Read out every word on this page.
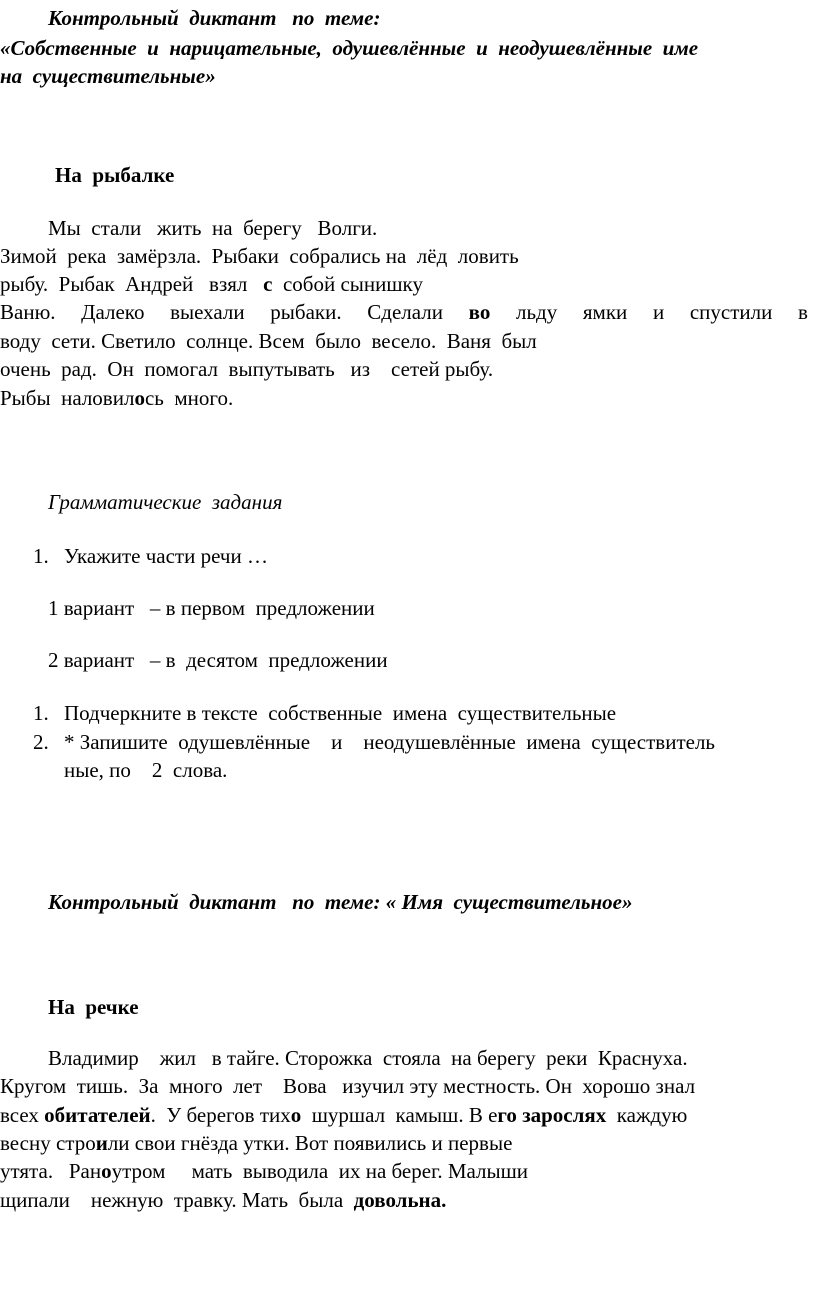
Контрольный  диктант   по  теме:
«Собственные  и  нарицательные,  одушевлённые  и  неодушевлённые  име
на  существительные»
На  рыбалке
Мы  стали   жить  на  берегу   Волги.
Зимой  река  замёрзла.  Рыбаки  собрались на  лёд  ловить
рыбу.  Рыбак  Андрей   взял   с  собой сынишку
Ваню. Далеко выехали рыбаки. Сделали во льду ямки и спустили в
воду  сети. Светило  солнце. Всем  было  весело.  Ваня  был
очень  рад.  Он  помогал  выпутывать   из    сетей рыбу.
Рыбы  наловилось  много.
Грамматические  задания
1. Укажите части речи …
1 вариант   – в первом  предложении
2 вариант   – в  десятом  предложении
1. Подчеркните в тексте  собственные  имена  существительные
2. * Запишите  одушевлённые    и    неодушевлённые  имена  существитель
ные, по    2  слова.
Контрольный  диктант   по  теме: « Имя  существительное»
На  речке
Владимир    жил   в тайге. Сторожка  стояла  на берегу  реки  Краснуха.
Кругом  тишь.  За  много  лет    Вова   изучил эту местность. Он  хорошо знал
всех обитателей.  У берегов тихо  шуршал  камыш. В его зарослях  каждую
весну строили свои гнёзда утки. Вот появились и первые
утята.   Раноутром     мать  выводила  их на берег. Малыши
щипали    нежную  травку. Мать  была  довольна.
